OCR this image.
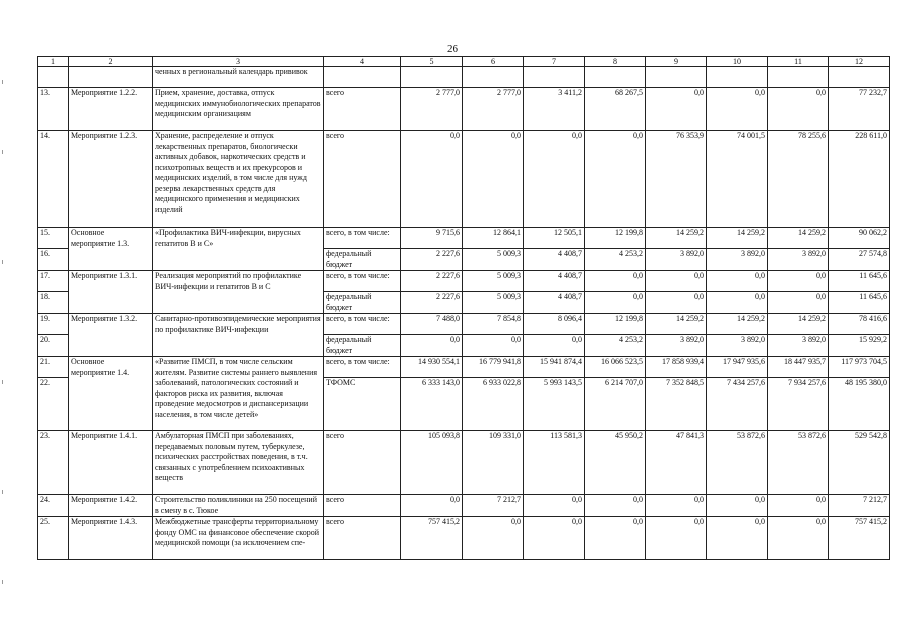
26
1	2	3	4	5	6	7	8	9	10	11	12
		ченных в региональный календарь прививок									
13.	Мероприятие 1.2.2.	Прием, хранение, доставка, отпуск медицинских иммунобиологических препаратов медицинским организациям	всего	2 777,0	2 777,0	3 411,2	68 267,5	0,0	0,0	0,0	77 232,7
14.	Мероприятие 1.2.3.	Хранение, распределение и отпуск лекарственных препаратов, биологически активных добавок, наркотических средств и психотропных веществ и их прекурсоров и медицинских изделий, в том числе для нужд резерва лекарственных средств для медицинского применения и медицинских изделий	всего	0,0	0,0	0,0	0,0	76 353,9	74 001,5	78 255,6	228 611,0
15.	Основное мероприятие 1.3.	«Профилактика ВИЧ-инфекции, вирусных гепатитов В и С»	всего, в том числе:	9 715,6	12 864,1	12 505,1	12 199,8	14 259,2	14 259,2	14 259,2	90 062,2
16.			федеральный бюджет	2 227,6	5 009,3	4 408,7	4 253,2	3 892,0	3 892,0	3 892,0	27 574,8
17.	Мероприятие 1.3.1.	Реализация мероприятий по профилактике ВИЧ-инфекции и гепатитов В и С	всего, в том числе:	2 227,6	5 009,3	4 408,7	0,0	0,0	0,0	0,0	11 645,6
18.			федеральный бюджет	2 227,6	5 009,3	4 408,7	0,0	0,0	0,0	0,0	11 645,6
19.	Мероприятие 1.3.2.	Санитарно-противоэпидемические мероприятия по профилактике ВИЧ-инфекции	всего, в том числе:	7 488,0	7 854,8	8 096,4	12 199,8	14 259,2	14 259,2	14 259,2	78 416,6
20.			федеральный бюджет	0,0	0,0	0,0	4 253,2	3 892,0	3 892,0	3 892,0	15 929,2
21.	Основное мероприятие 1.4.	«Развитие ПМСП, в том числе сельским жителям. Развитие системы раннего выявления заболеваний, патологических состояний и факторов риска их развития, включая проведение медосмотров и диспансеризации населения, в том числе детей»	всего, в том числе:	14 930 554,1	16 779 941,8	15 941 874,4	16 066 523,5	17 858 939,4	17 947 935,6	18 447 935,7	117 973 704,5
22.			ТФОМС	6 333 143,0	6 933 022,8	5 993 143,5	6 214 707,0	7 352 848,5	7 434 257,6	7 934 257,6	48 195 380,0
23.	Мероприятие 1.4.1.	Амбулаторная ПМСП при заболеваниях, передаваемых половым путем, туберкулезе, психических расстройствах поведения, в т.ч. связанных с употреблением психоактивных веществ	всего	105 093,8	109 331,0	113 581,3	45 950,2	47 841,3	53 872,6	53 872,6	529 542,8
24.	Мероприятие 1.4.2.	Строительство поликлиники на 250 посещений в смену в с. Тюкое	всего	0,0	7 212,7	0,0	0,0	0,0	0,0	0,0	7 212,7
25.	Мероприятие 1.4.3.	Межбюджетные трансферты территориальному фонду ОМС на финансовое обеспечение скорой медицинской помощи (за исключением спе-	всего	757 415,2	0,0	0,0	0,0	0,0	0,0	0,0	757 415,2
